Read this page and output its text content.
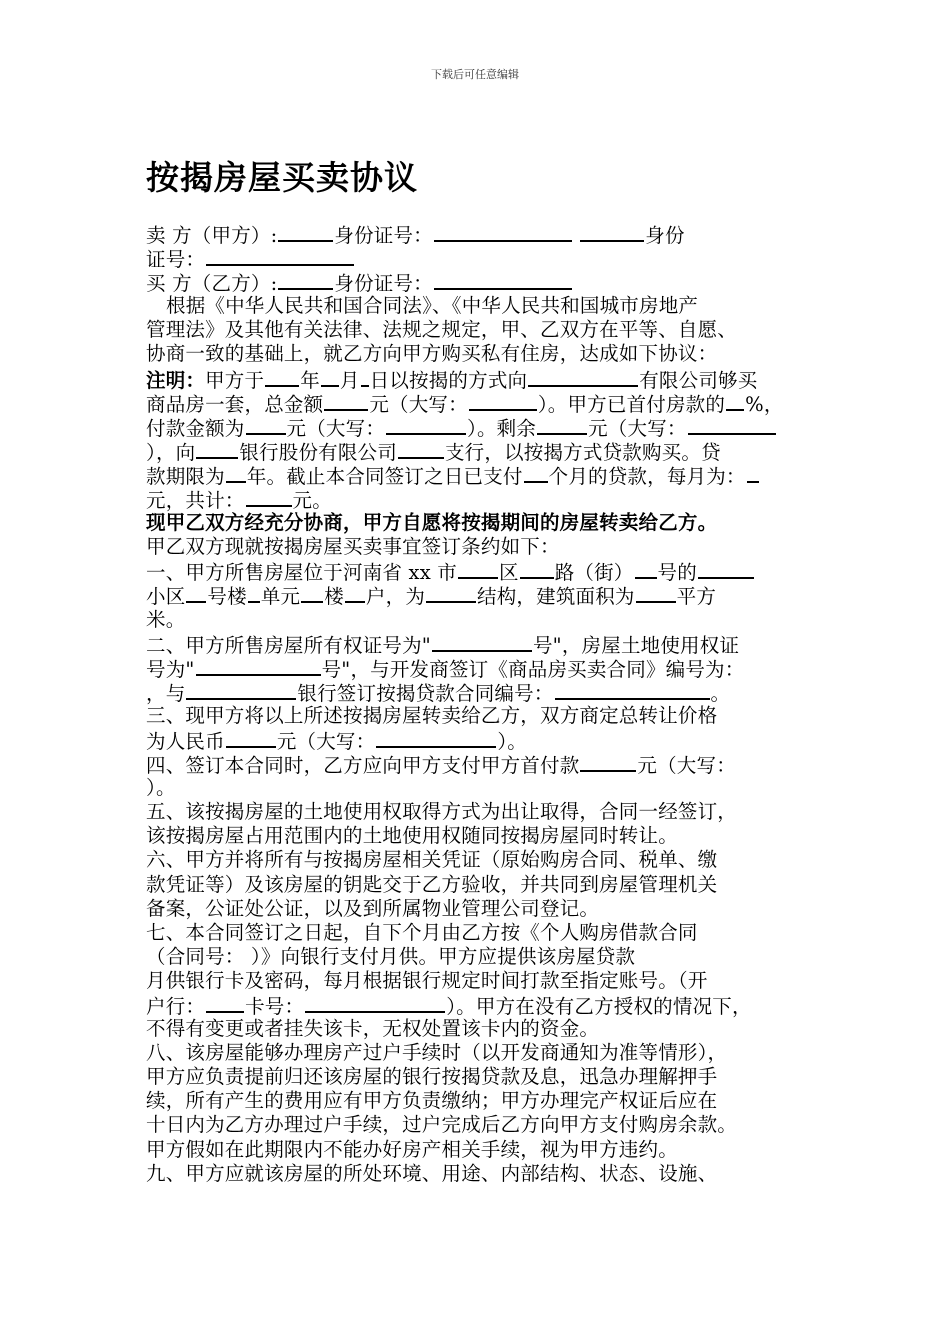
下载后可任意编辑
按揭房屋买卖协议
卖 方（甲方）:	身份证号：	身份
证号：
买 方（乙方）:	身份证号：
根据《中华人民共和国合同法》、《中华人民共和国城市房地产
管理法》及其他有关法律、法规之规定，甲、乙双方在平等、自愿、
协商一致的基础上，就乙方向甲方购买私有住房，达成如下协议：
注明：甲方于 年 月 日以按揭的方式向	有限公司够买
商品房一套，总金额 元（大写：	）。甲方已首付房款的 %，
付款金额为 元（大写：	）。剩余	元（大写：
），向 银行股份有限公司 支行，以按揭方式贷款购买。贷
款期限为 年。截止本合同签订之日已支付 个月的贷款，每月为：
元，共计： 元。
现甲乙双方经充分协商，甲方自愿将按揭期间的房屋转卖给乙方。
甲乙双方现就按揭房屋买卖事宜签订条约如下：
一、甲方所售房屋位于河南省 xx 市 区 路（街） 号的
小区 号楼 单元 楼 户，为	结构，建筑面积为 平方
米。
二、甲方所售房屋所有权证号为"	号"，房屋土地使用权证
号为"	号"，与开发商签订《商品房买卖合同》编号为：
，与	银行签订按揭贷款合同编号：	。
三、现甲方将以上所述按揭房屋转卖给乙方，双方商定总转让价格
为人民币	元（大写：	）。
四、签订本合同时，乙方应向甲方支付甲方首付款	元（大写：
）。
五、该按揭房屋的土地使用权取得方式为出让取得，合同一经签订，
该按揭房屋占用范围内的土地使用权随同按揭房屋同时转让。
六、甲方并将所有与按揭房屋相关凭证（原始购房合同、税单、缴
款凭证等）及该房屋的钥匙交于乙方验收，并共同到房屋管理机关
备案，公证处公证，以及到所属物业管理公司登记。
七、本合同签订之日起，自下个月由乙方按《个人购房借款合同
（合同号： ）》向银行支付月供。甲方应提供该房屋贷款
月供银行卡及密码，每月根据银行规定时间打款至指定账号。（开
户行： 卡号：	）。甲方在没有乙方授权的情况下，
不得有变更或者挂失该卡，无权处置该卡内的资金。
八、该房屋能够办理房产过户手续时（以开发商通知为准等情形），
甲方应负责提前归还该房屋的银行按揭贷款及息，迅急办理解押手
续，所有产生的费用应有甲方负责缴纳；甲方办理完产权证后应在
十日内为乙方办理过户手续，过户完成后乙方向甲方支付购房余款。
甲方假如在此期限内不能办好房产相关手续，视为甲方违约。
九、甲方应就该房屋的所处环境、用途、内部结构、状态、设施、
